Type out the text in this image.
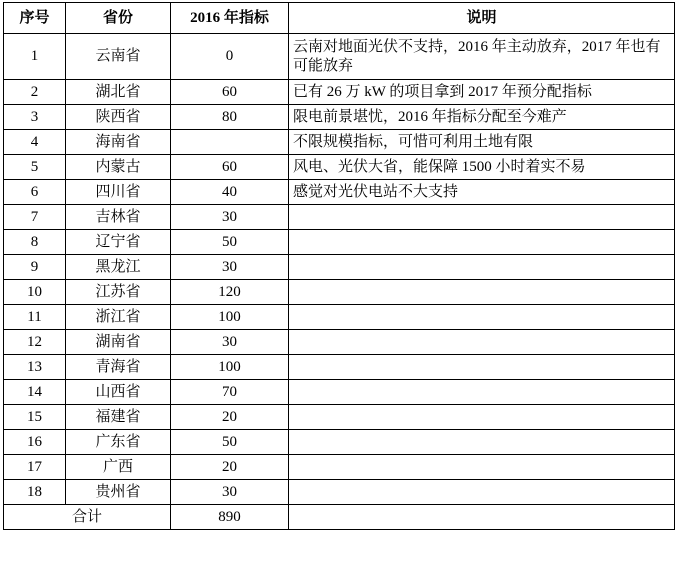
序号	省份	2016 年指标	说明
1	云南省	0	云南对地面光伏不支持，2016 年主动放弃，2017 年也有可能放弃
2	湖北省	60	已有 26 万 kW 的项目拿到 2017 年预分配指标
3	陕西省	80	限电前景堪忧，2016 年指标分配至今难产
4	海南省		不限规模指标，可惜可利用土地有限
5	内蒙古	60	风电、光伏大省，能保障 1500 小时着实不易
6	四川省	40	感觉对光伏电站不大支持
7	吉林省	30	
8	辽宁省	50	
9	黑龙江	30	
10	江苏省	120	
11	浙江省	100	
12	湖南省	30	
13	青海省	100	
14	山西省	70	
15	福建省	20	
16	广东省	50	
17	广西	20	
18	贵州省	30	
合计		890	
